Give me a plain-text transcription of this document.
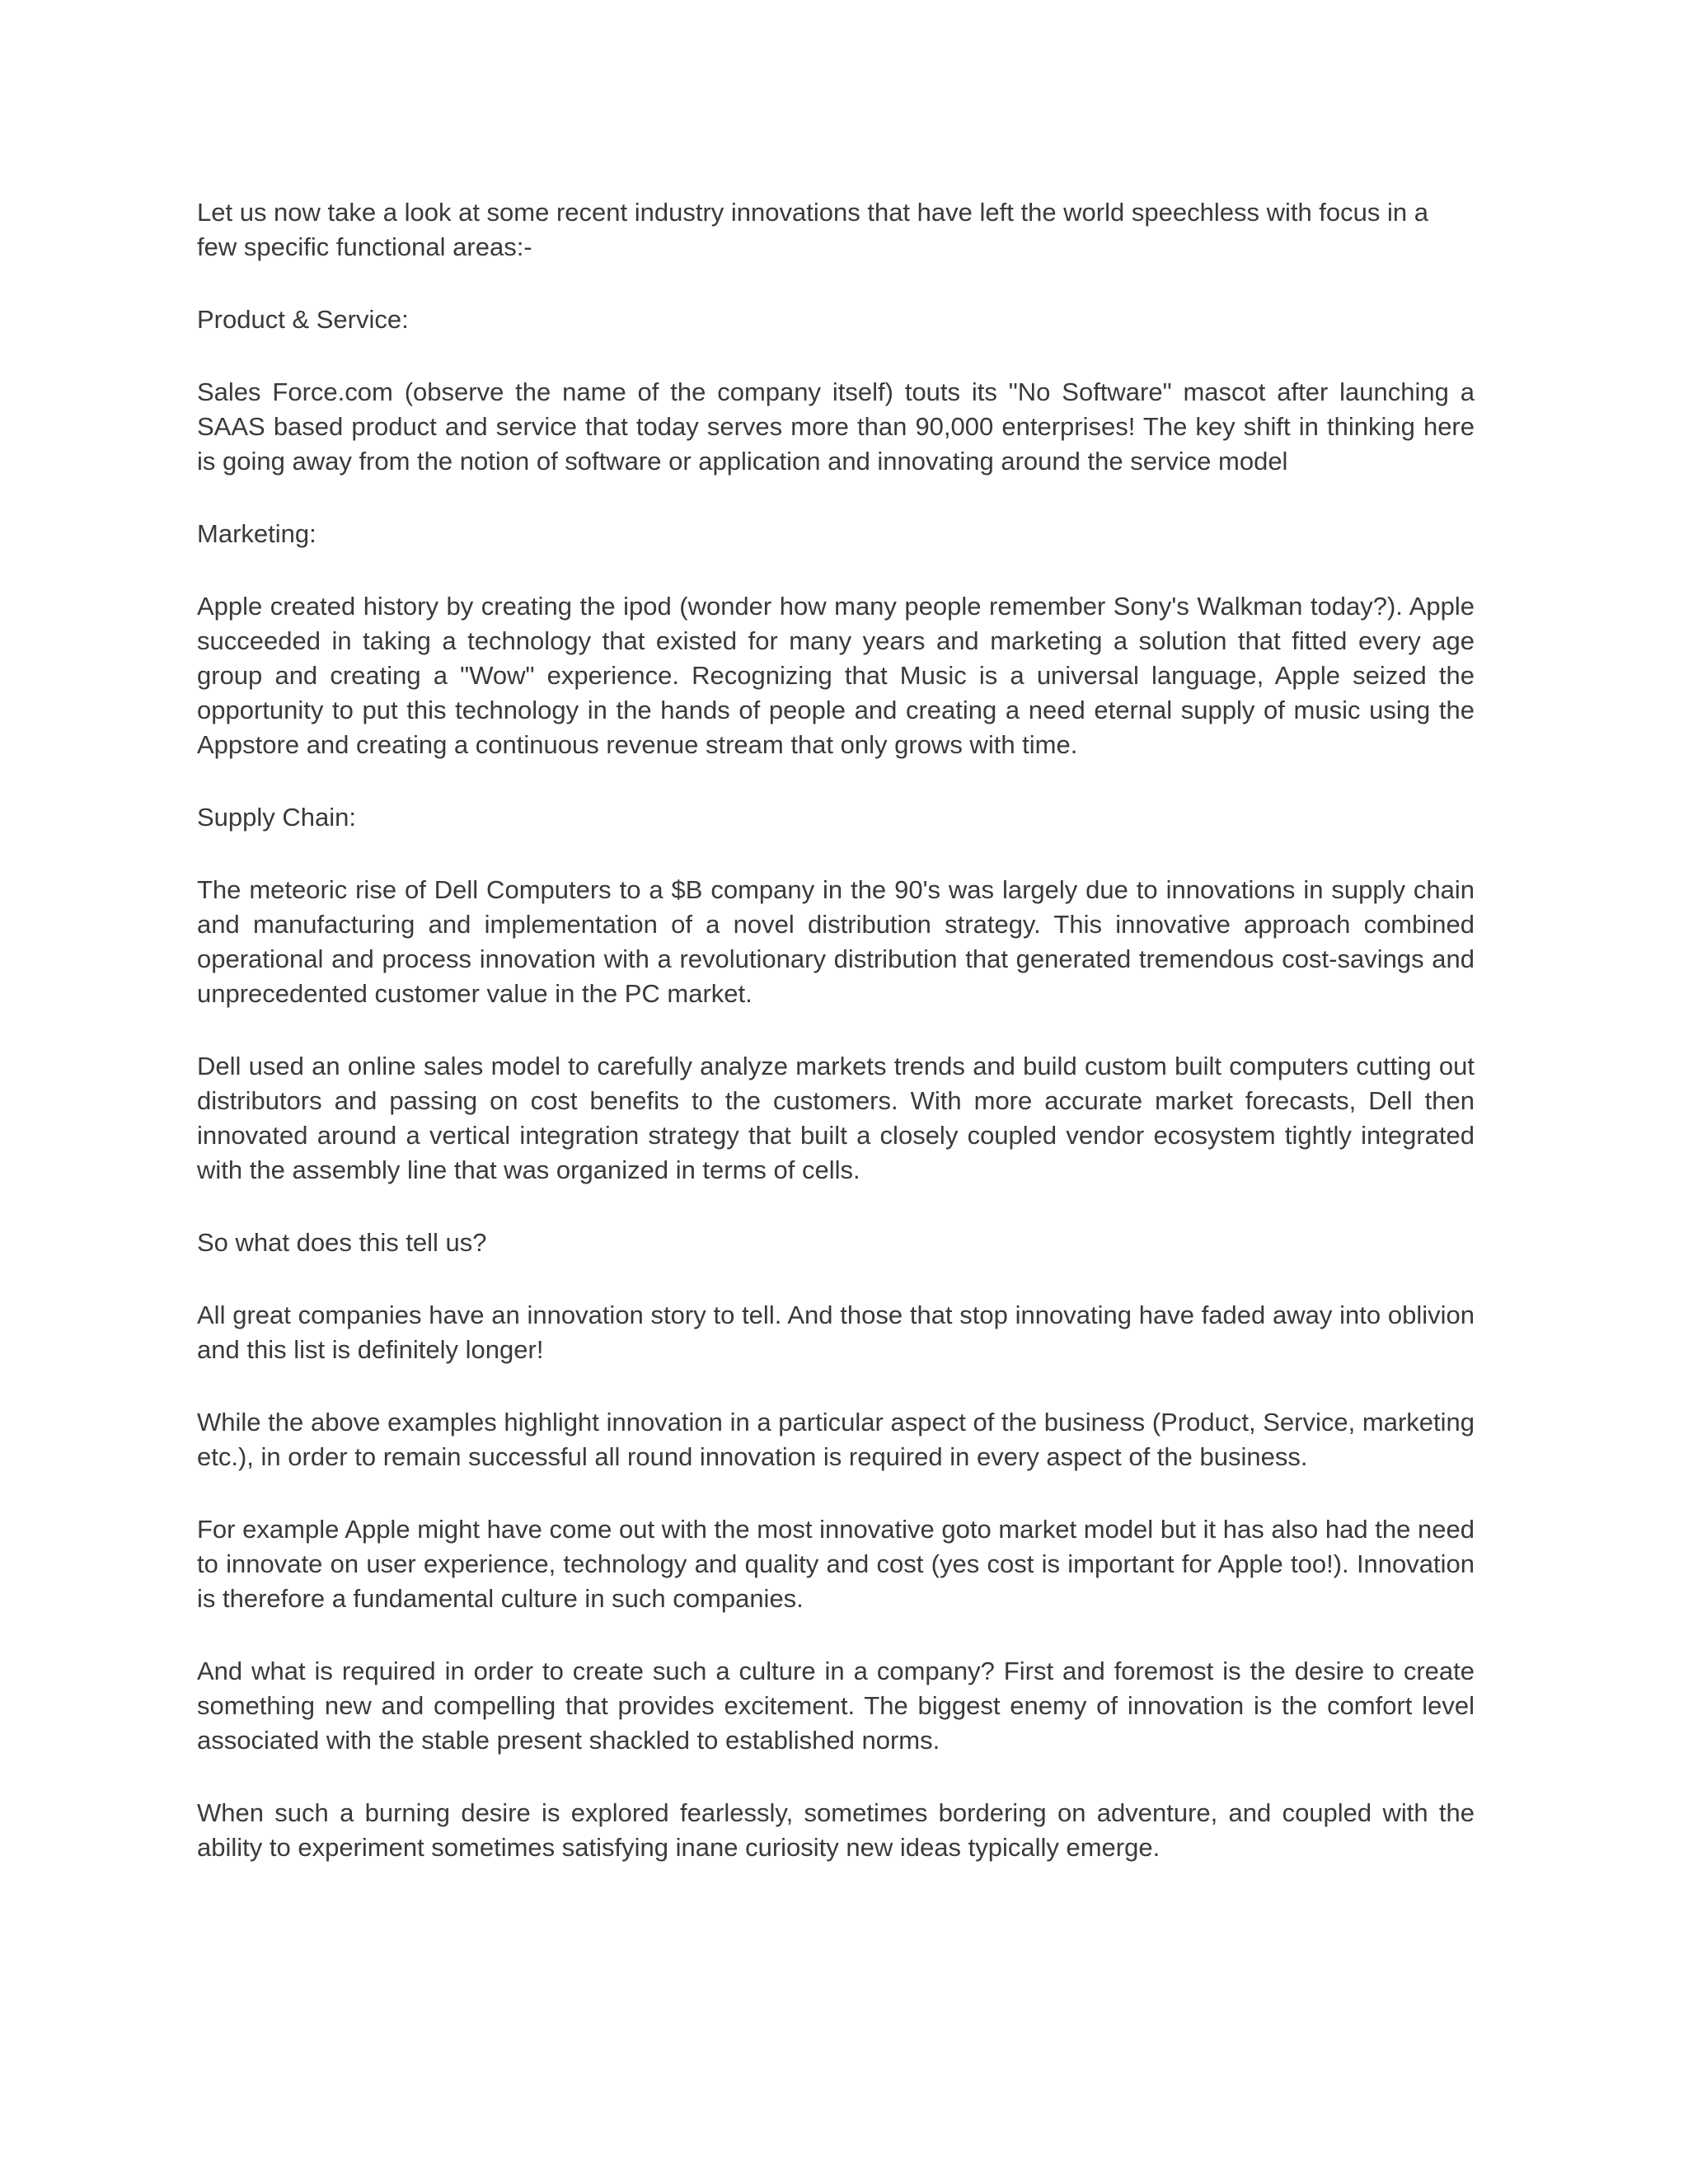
Let us now take a look at some recent industry innovations that have left the world speechless with focus in a few specific functional areas:-

Product & Service:

Sales Force.com (observe the name of the company itself) touts its "No Software" mascot after launching a SAAS based product and service that today serves more than 90,000 enterprises! The key shift in thinking here is going away from the notion of software or application and innovating around the service model

Marketing:

Apple created history by creating the ipod (wonder how many people remember Sony's Walkman today?). Apple succeeded in taking a technology that existed for many years and marketing a solution that fitted every age group and creating a "Wow" experience. Recognizing that Music is a universal language, Apple seized the opportunity to put this technology in the hands of people and creating a need eternal supply of music using the Appstore and creating a continuous revenue stream that only grows with time.

Supply Chain:

The meteoric rise of Dell Computers to a $B company in the 90's was largely due to innovations in supply chain and manufacturing and implementation of a novel distribution strategy. This innovative approach combined operational and process innovation with a revolutionary distribution that generated tremendous cost-savings and unprecedented customer value in the PC market.

Dell used an online sales model to carefully analyze markets trends and build custom built computers cutting out distributors and passing on cost benefits to the customers. With more accurate market forecasts, Dell then innovated around a vertical integration strategy that built a closely coupled vendor ecosystem tightly integrated with the assembly line that was organized in terms of cells.

So what does this tell us?

All great companies have an innovation story to tell. And those that stop innovating have faded away into oblivion and this list is definitely longer!

While the above examples highlight innovation in a particular aspect of the business (Product, Service, marketing etc.), in order to remain successful all round innovation is required in every aspect of the business.

For example Apple might have come out with the most innovative goto market model but it has also had the need to innovate on user experience, technology and quality and cost (yes cost is important for Apple too!). Innovation is therefore a fundamental culture in such companies.

And what is required in order to create such a culture in a company? First and foremost is the desire to create something new and compelling that provides excitement. The biggest enemy of innovation is the comfort level associated with the stable present shackled to established norms.

When such a burning desire is explored fearlessly, sometimes bordering on adventure, and coupled with the ability to experiment sometimes satisfying inane curiosity new ideas typically emerge.
